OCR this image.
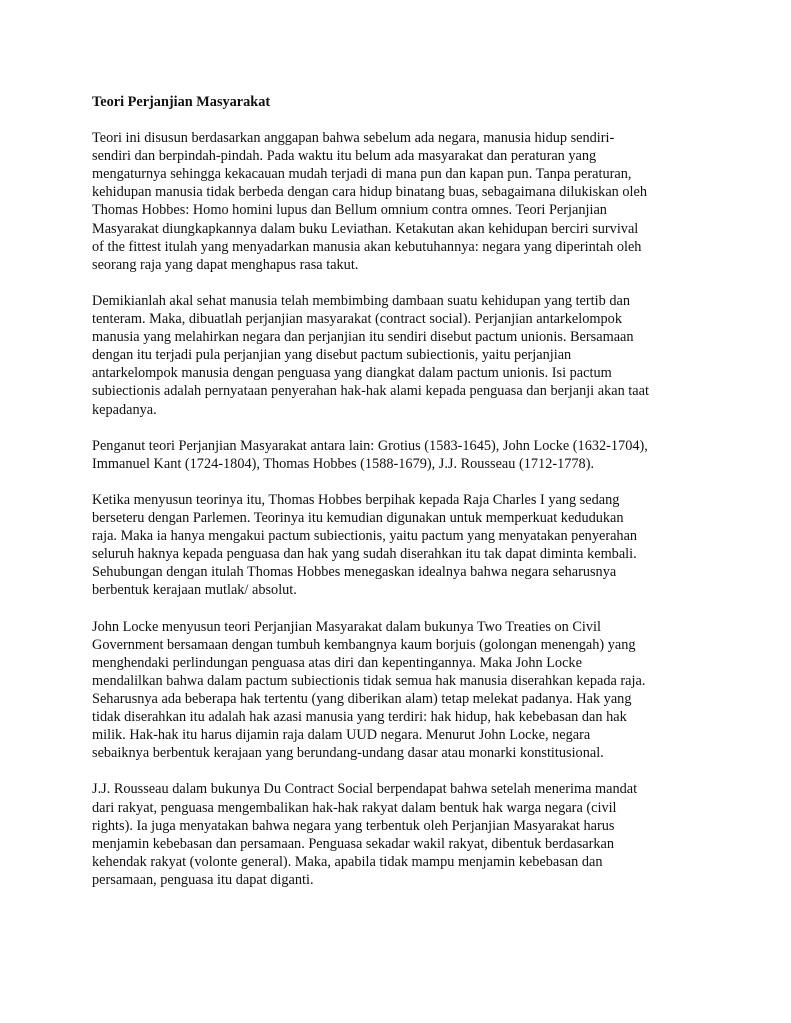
Teori Perjanjian Masyarakat
Teori ini disusun berdasarkan anggapan bahwa sebelum ada negara, manusia hidup sendiri-
sendiri dan berpindah-pindah. Pada waktu itu belum ada masyarakat dan peraturan yang
mengaturnya sehingga kekacauan mudah terjadi di mana pun dan kapan pun. Tanpa peraturan,
kehidupan manusia tidak berbeda dengan cara hidup binatang buas, sebagaimana dilukiskan oleh
Thomas Hobbes: Homo homini lupus dan Bellum omnium contra omnes. Teori Perjanjian
Masyarakat diungkapkannya dalam buku Leviathan. Ketakutan akan kehidupan berciri survival
of the fittest itulah yang menyadarkan manusia akan kebutuhannya: negara yang diperintah oleh
seorang raja yang dapat menghapus rasa takut.
Demikianlah akal sehat manusia telah membimbing dambaan suatu kehidupan yang tertib dan
tenteram. Maka, dibuatlah perjanjian masyarakat (contract social). Perjanjian antarkelompok
manusia yang melahirkan negara dan perjanjian itu sendiri disebut pactum unionis. Bersamaan
dengan itu terjadi pula perjanjian yang disebut pactum subiectionis, yaitu perjanjian
antarkelompok manusia dengan penguasa yang diangkat dalam pactum unionis. Isi pactum
subiectionis adalah pernyataan penyerahan hak-hak alami kepada penguasa dan berjanji akan taat
kepadanya.
Penganut teori Perjanjian Masyarakat antara lain: Grotius (1583-1645), John Locke (1632-1704),
Immanuel Kant (1724-1804), Thomas Hobbes (1588-1679), J.J. Rousseau (1712-1778).
Ketika menyusun teorinya itu, Thomas Hobbes berpihak kepada Raja Charles I yang sedang
berseteru dengan Parlemen. Teorinya itu kemudian digunakan untuk memperkuat kedudukan
raja. Maka ia hanya mengakui pactum subiectionis, yaitu pactum yang menyatakan penyerahan
seluruh haknya kepada penguasa dan hak yang sudah diserahkan itu tak dapat diminta kembali.
Sehubungan dengan itulah Thomas Hobbes menegaskan idealnya bahwa negara seharusnya
berbentuk kerajaan mutlak/ absolut.
John Locke menyusun teori Perjanjian Masyarakat dalam bukunya Two Treaties on Civil
Government bersamaan dengan tumbuh kembangnya kaum borjuis (golongan menengah) yang
menghendaki perlindungan penguasa atas diri dan kepentingannya. Maka John Locke
mendalilkan bahwa dalam pactum subiectionis tidak semua hak manusia diserahkan kepada raja.
Seharusnya ada beberapa hak tertentu (yang diberikan alam) tetap melekat padanya. Hak yang
tidak diserahkan itu adalah hak azasi manusia yang terdiri: hak hidup, hak kebebasan dan hak
milik. Hak-hak itu harus dijamin raja dalam UUD negara. Menurut John Locke, negara
sebaiknya berbentuk kerajaan yang berundang-undang dasar atau monarki konstitusional.
J.J. Rousseau dalam bukunya Du Contract Social berpendapat bahwa setelah menerima mandat
dari rakyat, penguasa mengembalikan hak-hak rakyat dalam bentuk hak warga negara (civil
rights). Ia juga menyatakan bahwa negara yang terbentuk oleh Perjanjian Masyarakat harus
menjamin kebebasan dan persamaan. Penguasa sekadar wakil rakyat, dibentuk berdasarkan
kehendak rakyat (volonte general). Maka, apabila tidak mampu menjamin kebebasan dan
persamaan, penguasa itu dapat diganti.
